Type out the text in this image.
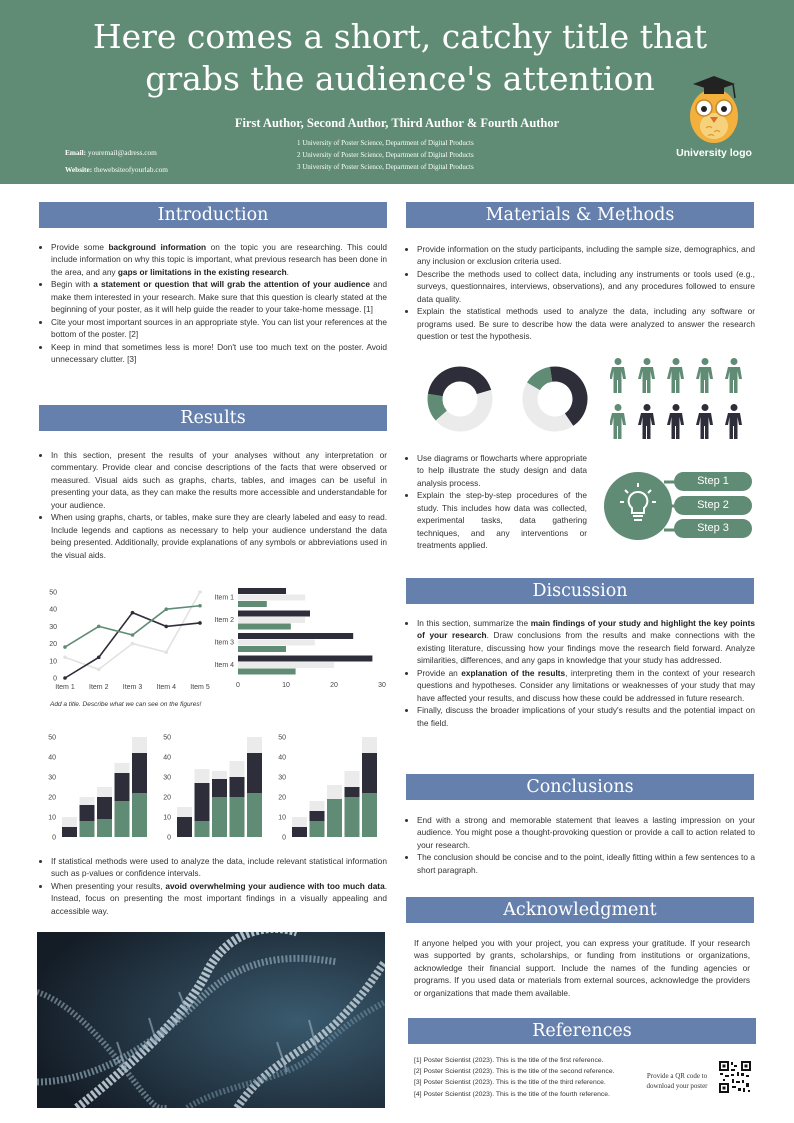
Here comes a short, catchy title that
grabs the audience's attention
First Author, Second Author, Third Author & Fourth Author
Email: youremail@adress.com
Website: thewebsiteofyourlab.com
1 University of Poster Science, Department of Digital Products
2 University of Poster Science, Department of Digital Products
3 University of Poster Science, Department of Digital Products
University logo
Introduction
• Provide some background information on the topic you are researching. This could include information on why this topic is important, what previous research has been done in the area, and any gaps or limitations in the existing research.
• Begin with a statement or question that will grab the attention of your audience and make them interested in your research. Make sure that this question is clearly stated at the beginning of your poster, as it will help guide the reader to your take-home message. [1]
• Cite your most important sources in an appropriate style. You can list your references at the bottom of the poster. [2]
• Keep in mind that sometimes less is more! Don't use too much text on the poster. Avoid unnecessary clutter. [3]
Results
• In this section, present the results of your analyses without any interpretation or commentary. Provide clear and concise descriptions of the facts that were observed or measured. Visual aids such as graphs, charts, tables, and images can be useful in presenting your data, as they can make the results more accessible and understandable for your audience.
• When using graphs, charts, or tables, make sure they are clearly labeled and easy to read. Include legends and captions as necessary to help your audience understand the data being presented. Additionally, provide explanations of any symbols or abbreviations used in the visual aids.
0
10
20
30
40
50
Item 1 Item 2 Item 3 Item 4 Item 5
Item 1
Item 2
Item 3
Item 4
0	10	20	30
Add a title. Describe what we can see on the figures!
0
10
20
30
40
50
0
10
20
30
40
50
0
10
20
30
40
50
• If statistical methods were used to analyze the data, include relevant statistical information such as p-values or confidence intervals.
• When presenting your results, avoid overwhelming your audience with too much data. Instead, focus on presenting the most important findings in a visually appealing and accessible way.
Materials & Methods
• Provide information on the study participants, including the sample size, demographics, and any inclusion or exclusion criteria used.
• Describe the methods used to collect data, including any instruments or tools used (e.g., surveys, questionnaires, interviews, observations), and any procedures followed to ensure data quality.
• Explain the statistical methods used to analyze the data, including any software or programs used. Be sure to describe how the data were analyzed to answer the research question or test the hypothesis.
• Use diagrams or flowcharts where appropriate to help illustrate the study design and data analysis process.
• Explain the step-by-step procedures of the study. This includes how data was collected, experimental tasks, data gathering techniques, and any interventions or treatments applied.
Step 1
Step 2
Step 3
Discussion
• In this section, summarize the main findings of your study and highlight the key points of your research. Draw conclusions from the results and make connections with the existing literature, discussing how your findings move the research field forward. Analyze similarities, differences, and any gaps in knowledge that your study has addressed.
• Provide an explanation of the results, interpreting them in the context of your research questions and hypotheses. Consider any limitations or weaknesses of your study that may have affected your results, and discuss how these could be addressed in future research.
• Finally, discuss the broader implications of your study's results and the potential impact on the field.
Conclusions
• End with a strong and memorable statement that leaves a lasting impression on your audience. You might pose a thought-provoking question or provide a call to action related to your research.
• The conclusion should be concise and to the point, ideally fitting within a few sentences to a short paragraph.
Acknowledgment
If anyone helped you with your project, you can express your gratitude. If your research was supported by grants, scholarships, or funding from institutions or organizations, acknowledge their financial support. Include the names of the funding agencies or programs. If you used data or materials from external sources, acknowledge the providers or organizations that made them available.
References
[1] Poster Scientist (2023). This is the title of the first reference.
[2] Poster Scientist (2023). This is the title of the second reference.
[3] Poster Scientist (2023). This is the title of the third reference.
[4] Poster Scientist (2023). This is the title of the fourth reference.
Provide a QR code to download your poster
